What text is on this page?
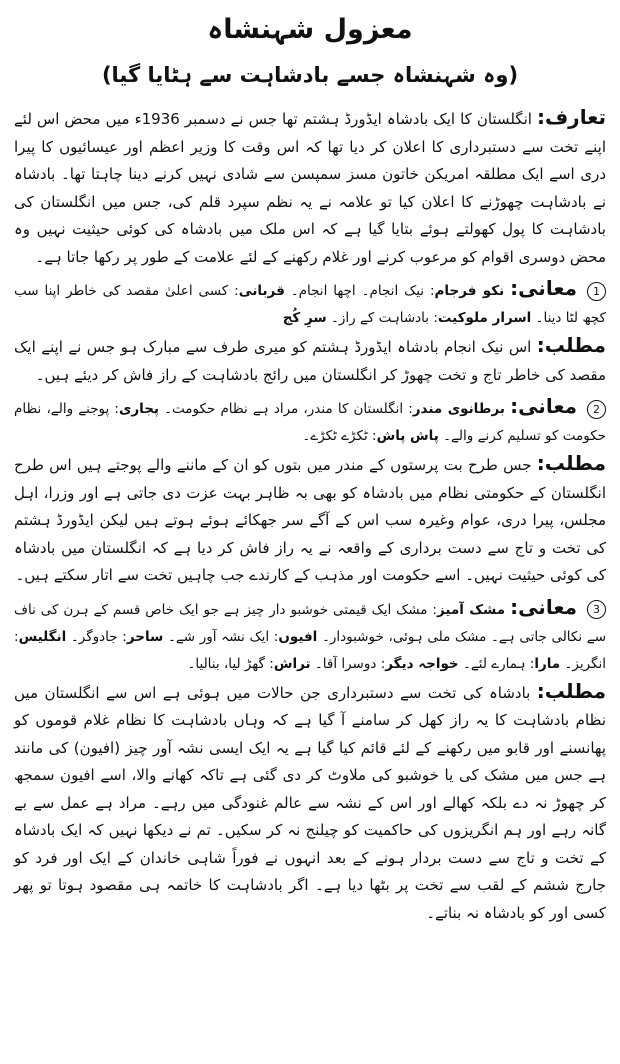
معزول شہنشاہ
(وہ شہنشاہ جسے بادشاہت سے ہٹایا گیا)

تعارف: انگلستان کا ایک بادشاہ ایڈورڈ ہشتم تھا جس نے دسمبر 1936ء میں محض اس لئے اپنے تخت سے دستبرداری کا اعلان کر دیا تھا کہ اس وقت کا وزیر اعظم اور عیسائیوں کا پیرا دری اسے ایک مطلقہ امریکن خاتون مسز سمپسن سے شادی نہیں کرنے دینا چاہتا تھا۔ بادشاہ نے بادشاہت چھوڑنے کا اعلان کیا تو علامہ نے یہ نظم سپرد قلم کی، جس میں انگلستان کی بادشاہت کا پول کھولتے ہوئے بتایا گیا ہے کہ اس ملک میں بادشاہ کی کوئی حیثیت نہیں وہ محض دوسری اقوام کو مرعوب کرنے اور غلام رکھنے کے لئے علامت کے طور پر رکھا جاتا ہے۔

1معانی: نکو فرجام: نیک انجام۔ اچھا انجام۔ قربانی: کسی اعلیٰ مقصد کی خاطر اپنا سب کچھ لٹا دینا۔ اسرار ملوکیت: بادشاہت کے راز۔ سرِ کُج

مطلب: اس نیک انجام بادشاہ ایڈورڈ ہشتم کو میری طرف سے مبارک ہو جس نے اپنے ایک مقصد کی خاطر تاج و تخت چھوڑ کر انگلستان میں رائج بادشاہت کے راز فاش کر دیئے ہیں۔

2معانی: برطانوی مندر: انگلستان کا مندر، مراد ہے نظام حکومت۔ پجاری: پوجنے والے، نظام حکومت کو تسلیم کرنے والے۔ پاش پاش: ٹکڑے ٹکڑے۔

مطلب: جس طرح بت پرستوں کے مندر میں بتوں کو ان کے ماننے والے پوجتے ہیں اس طرح انگلستان کے حکومتی نظام میں بادشاہ کو بھی بہ ظاہر بہت عزت دی جاتی ہے اور وزرا، اہل مجلس، پیرا دری، عوام وغیرہ سب اس کے آگے سر جھکائے ہوئے ہوتے ہیں لیکن ایڈورڈ ہشتم کی تخت و تاج سے دست برداری کے واقعہ نے یہ راز فاش کر دیا ہے کہ انگلستان میں بادشاہ کی کوئی حیثیت نہیں۔ اسے حکومت اور مذہب کے کارندے جب چاہیں تخت سے اتار سکتے ہیں۔

3معانی: مشک آمیز: مشک ایک قیمتی خوشبو دار چیز ہے جو ایک خاص قسم کے ہرن کی ناف سے نکالی جاتی ہے۔ مشک ملی ہوئی، خوشبودار۔ افیوں: ایک نشہ آور شے۔ ساحر: جادوگر۔ انگلیس: انگریز۔ مارا: ہمارے لئے۔ خواجہ دیگر: دوسرا آقا۔ تراش: گھڑ لیا، بنالیا۔

مطلب: بادشاہ کی تخت سے دستبرداری جن حالات میں ہوئی ہے اس سے انگلستان میں نظام بادشاہت کا یہ راز کھل کر سامنے آ گیا ہے کہ وہاں بادشاہت کا نظام غلام قوموں کو پھانسنے اور قابو میں رکھنے کے لئے قائم کیا گیا ہے یہ ایک ایسی نشہ آور چیز (افیون) کی مانند ہے جس میں مشک کی یا خوشبو کی ملاوٹ کر دی گئی ہے تاکہ کھانے والا، اسے افیون سمجھ کر چھوڑ نہ دے بلکہ کھالے اور اس کے نشہ سے عالم غنودگی میں رہے۔ مراد ہے عمل سے بے گانہ رہے اور ہم انگریزوں کی حاکمیت کو چیلنج نہ کر سکیں۔ تم نے دیکھا نہیں کہ ایک بادشاہ کے تخت و تاج سے دست بردار ہونے کے بعد انہوں نے فوراً شاہی خاندان کے ایک اور فرد کو جارج ششم کے لقب سے تخت پر بٹھا دیا ہے۔ اگر بادشاہت کا خاتمہ ہی مقصود ہوتا تو پھر کسی اور کو بادشاہ نہ بناتے۔
